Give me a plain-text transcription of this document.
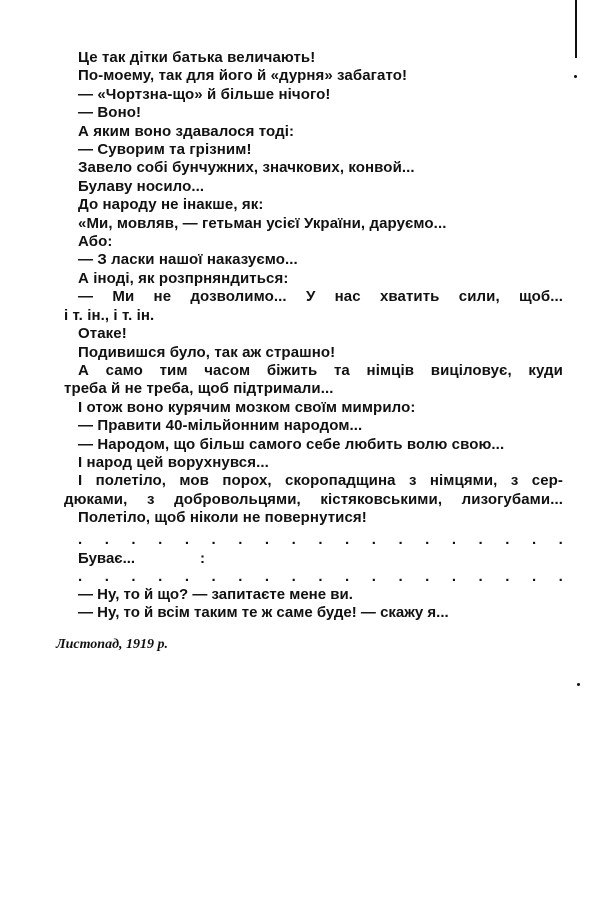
Це так дітки батька величають!

По-моему, так для його й «дурня» забагато!

— «Чортзна-що» й більше нічого!

— Воно!

А яким воно здавалося тоді:

— Суворим та грізним!

Завело собі бунчужних, значкових, конвой...

Булаву носило...

До народу не інакше, як:

«Ми, мовляв, — гетьман усієї України, даруємо...

Або:

— З ласки нашої наказуємо...

А іноді, як розпрняндиться:

— Ми не дозволимо... У нас хватить сили, щоб...

і т. ін., і т. ін.

Отаке!

Подивишся було, так аж страшно!

А само тим часом біжить та німців виціловує, куди

треба й не треба, щоб підтримали...

І отож воно курячим мозком своїм мимрило:

— Правити 40-мільйонним народом...

— Народом, що більш самого себе любить волю свою...

І народ цей ворухнувся...

І полетіло, мов порох, скоропадщина з німцями, з сер-

дюками, з добровольцями, кістяковськими, лизогубами...

Полетіло, щоб ніколи не повернутися!

. . . . . . . . . . . . . . . . . . .
Буває...	:
. . . . . . . . . . . . . . . . . . .

— Ну, то й що? — запитаєте мене ви.

— Ну, то й всім таким те ж саме буде! — скажу я...

Листопад, 1919 р.
